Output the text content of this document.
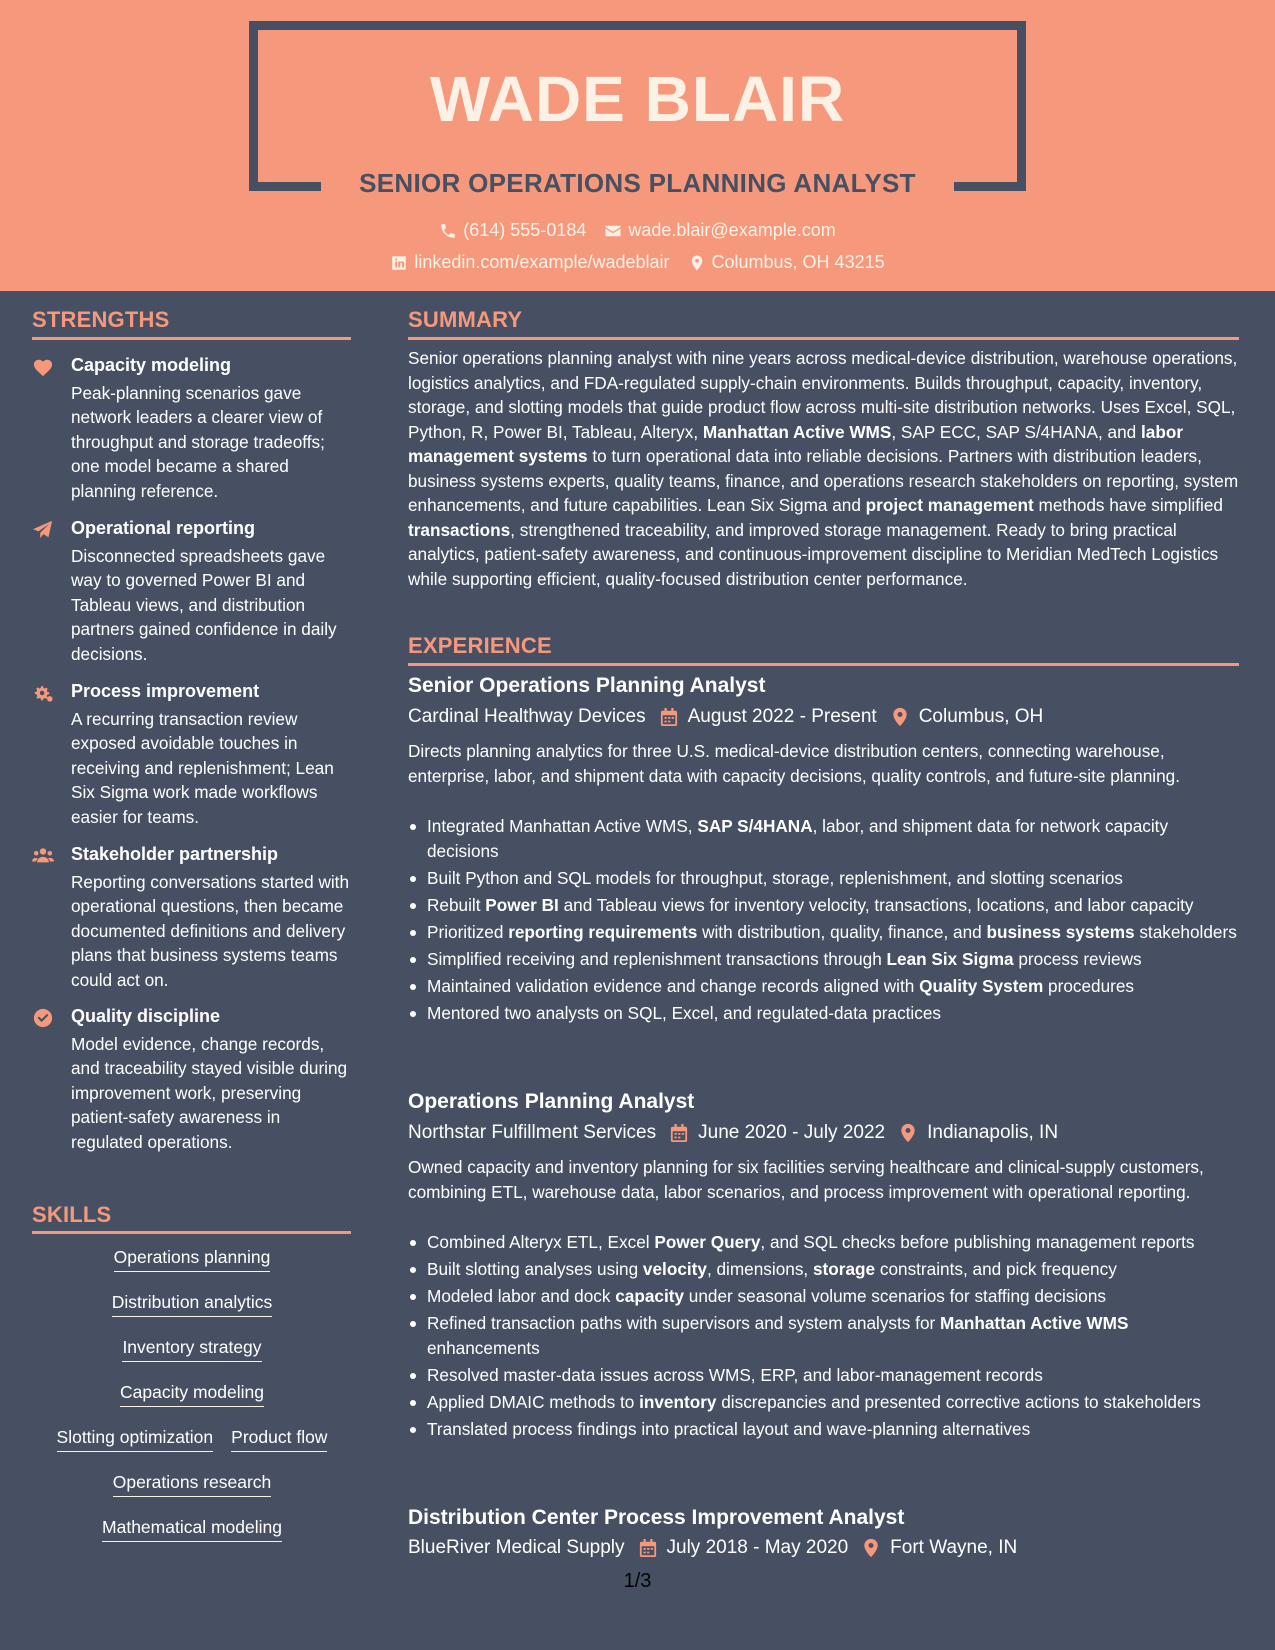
WADE BLAIR
SENIOR OPERATIONS PLANNING ANALYST
(614) 555-0184 wade.blair@example.com
linkedin.com/example/wadeblair Columbus, OH 43215
STRENGTHS
Capacity modeling
Peak-planning scenarios gave network leaders a clearer view of throughput and storage tradeoffs; one model became a shared planning reference.
Operational reporting
Disconnected spreadsheets gave way to governed Power BI and Tableau views, and distribution partners gained confidence in daily decisions.
Process improvement
A recurring transaction review exposed avoidable touches in receiving and replenishment; Lean Six Sigma work made workflows easier for teams.
Stakeholder partnership
Reporting conversations started with operational questions, then became documented definitions and delivery plans that business systems teams could act on.
Quality discipline
Model evidence, change records, and traceability stayed visible during improvement work, preserving patient-safety awareness in regulated operations.
SKILLS
Operations planning
Distribution analytics
Inventory strategy
Capacity modeling
Slotting optimization Product flow
Operations research
Mathematical modeling
SUMMARY
Senior operations planning analyst with nine years across medical-device distribution, warehouse operations, logistics analytics, and FDA-regulated supply-chain environments. Builds throughput, capacity, inventory, storage, and slotting models that guide product flow across multi-site distribution networks. Uses Excel, SQL, Python, R, Power BI, Tableau, Alteryx, Manhattan Active WMS, SAP ECC, SAP S/4HANA, and labor management systems to turn operational data into reliable decisions. Partners with distribution leaders, business systems experts, quality teams, finance, and operations research stakeholders on reporting, system enhancements, and future capabilities. Lean Six Sigma and project management methods have simplified transactions, strengthened traceability, and improved storage management. Ready to bring practical analytics, patient-safety awareness, and continuous-improvement discipline to Meridian MedTech Logistics while supporting efficient, quality-focused distribution center performance.
EXPERIENCE
Senior Operations Planning Analyst
Cardinal Healthway Devices August 2022 - Present Columbus, OH
Directs planning analytics for three U.S. medical-device distribution centers, connecting warehouse, enterprise, labor, and shipment data with capacity decisions, quality controls, and future-site planning.
Integrated Manhattan Active WMS, SAP S/4HANA, labor, and shipment data for network capacity decisions
Built Python and SQL models for throughput, storage, replenishment, and slotting scenarios
Rebuilt Power BI and Tableau views for inventory velocity, transactions, locations, and labor capacity
Prioritized reporting requirements with distribution, quality, finance, and business systems stakeholders
Simplified receiving and replenishment transactions through Lean Six Sigma process reviews
Maintained validation evidence and change records aligned with Quality System procedures
Mentored two analysts on SQL, Excel, and regulated-data practices
Operations Planning Analyst
Northstar Fulfillment Services June 2020 - July 2022 Indianapolis, IN
Owned capacity and inventory planning for six facilities serving healthcare and clinical-supply customers, combining ETL, warehouse data, labor scenarios, and process improvement with operational reporting.
Combined Alteryx ETL, Excel Power Query, and SQL checks before publishing management reports
Built slotting analyses using velocity, dimensions, storage constraints, and pick frequency
Modeled labor and dock capacity under seasonal volume scenarios for staffing decisions
Refined transaction paths with supervisors and system analysts for Manhattan Active WMS enhancements
Resolved master-data issues across WMS, ERP, and labor-management records
Applied DMAIC methods to inventory discrepancies and presented corrective actions to stakeholders
Translated process findings into practical layout and wave-planning alternatives
Distribution Center Process Improvement Analyst
BlueRiver Medical Supply July 2018 - May 2020 Fort Wayne, IN
1/3
